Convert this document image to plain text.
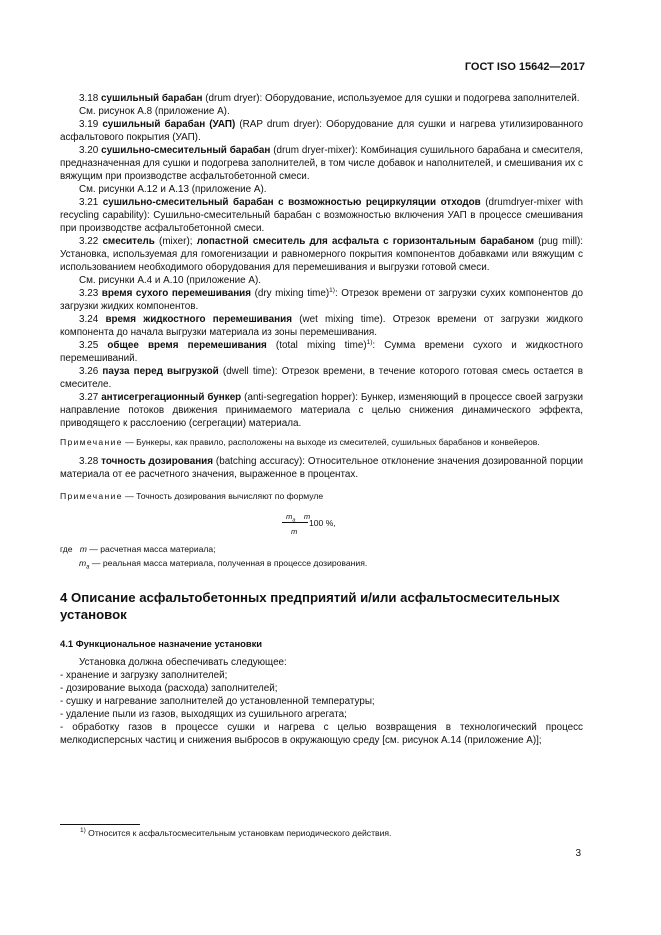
ГОСТ ISO 15642—2017

3.18 сушильный барабан (drum dryer): Оборудование, используемое для сушки и подогрева заполнителей.

См. рисунок А.8 (приложение А).

3.19 сушильный барабан (УАП) (RAP drum dryer): Оборудование для сушки и нагрева утилизированного асфальтового покрытия (УАП).

3.20 сушильно-смесительный барабан (drum dryer-mixer): Комбинация сушильного барабана и смесителя, предназначенная для сушки и подогрева заполнителей, в том числе добавок и наполнителей, и смешивания их с вяжущим при производстве асфальтобетонной смеси.

См. рисунки А.12 и А.13 (приложение А).

3.21 сушильно-смесительный барабан с возможностью рециркуляции отходов (drumdryer-mixer with recycling capability): Сушильно-смесительный барабан с возможностью включения УАП в процессе смешивания при производстве асфальтобетонной смеси.

3.22 смеситель (mixer); лопастной смеситель для асфальта с горизонтальным барабаном (pug mill): Установка, используемая для гомогенизации и равномерного покрытия компонентов добавками или вяжущим с использованием необходимого оборудования для перемешивания и выгрузки готовой смеси.

См. рисунки А.4 и А.10 (приложение А).

3.23 время сухого перемешивания (dry mixing time)$^{1)}$: Отрезок времени от загрузки сухих компонентов до загрузки жидких компонентов.

3.24 время жидкостного перемешивания (wet mixing time). Отрезок времени от загрузки жидкого компонента до начала выгрузки материала из зоны перемешивания.

3.25 общее время перемешивания (total mixing time)$^{1)}$: Сумма времени сухого и жидкостного перемешиваний.

3.26 пауза перед выгрузкой (dwell time): Отрезок времени, в течение которого готовая смесь остается в смесителе.

3.27 антисегрегационный бункер (anti-segregation hopper): Бункер, изменяющий в процессе своей загрузки направление потоков движения принимаемого материала с целью снижения динамического эффекта, приводящего к расслоению (сегрегации) материала.

Примечание — Бункеры, как правило, расположены на выходе из смесителей, сушильных барабанов и конвейеров.

3.28 точность дозирования (batching accuracy): Относительное отклонение значения дозированной порции материала от ее расчетного значения, выраженное в процентах.

Примечание — Точность дозирования вычисляют по формуле

$m_a$ m
m
100 %,

где m — расчетная масса материала;

$m_a$ — реальная масса материала, полученная в процессе дозирования.

4 Описание асфальтобетонных предприятий и/или асфальтосмесительных установок

4.1 Функциональное назначение установки

Установка должна обеспечивать следующее:

- хранение и загрузку заполнителей;

- дозирование выхода (расхода) заполнителей;

- сушку и нагревание заполнителей до установленной температуры;

- удаление пыли из газов, выходящих из сушильного агрегата;

- обработку газов в процессе сушки и нагрева с целью возвращения в технологический процесс мелкодисперсных частиц и снижения выбросов в окружающую среду [см. рисунок А.14 (приложение А)];

$^{1)}$ Относится к асфальтосмесительным установкам периодического действия.
3
